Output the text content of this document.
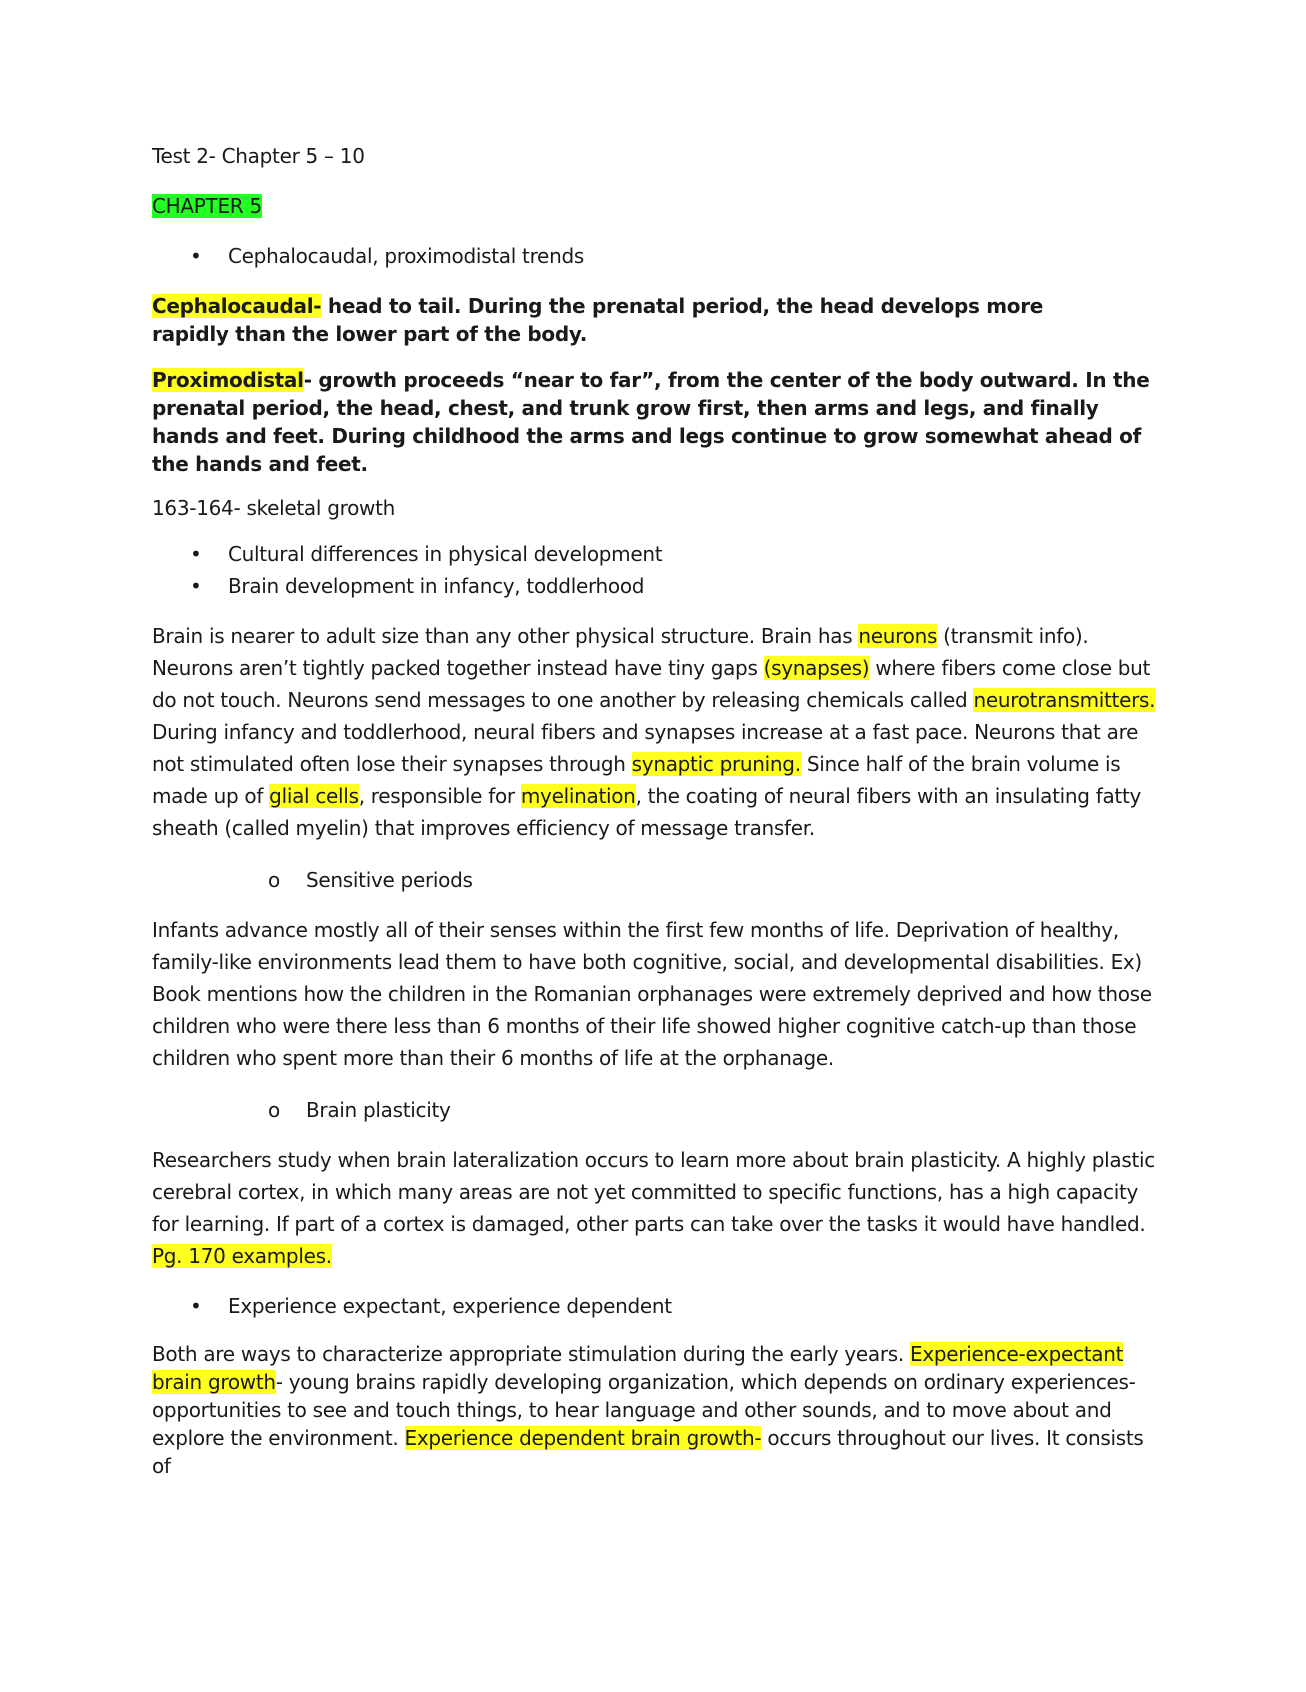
Test 2- Chapter 5 – 10

CHAPTER 5

• Cephalocaudal, proximodistal trends

Cephalocaudal- head to tail. During the prenatal period, the head develops more rapidly than the lower part of the body.

Proximodistal- growth proceeds “near to far”, from the center of the body outward. In the prenatal period, the head, chest, and trunk grow first, then arms and legs, and finally hands and feet. During childhood the arms and legs continue to grow somewhat ahead of the hands and feet.

163-164- skeletal growth

• Cultural differences in physical development
• Brain development in infancy, toddlerhood

Brain is nearer to adult size than any other physical structure. Brain has neurons (transmit info). Neurons aren’t tightly packed together instead have tiny gaps (synapses) where fibers come close but do not touch. Neurons send messages to one another by releasing chemicals called neurotransmitters. During infancy and toddlerhood, neural fibers and synapses increase at a fast pace. Neurons that are not stimulated often lose their synapses through synaptic pruning. Since half of the brain volume is made up of glial cells, responsible for myelination, the coating of neural fibers with an insulating fatty sheath (called myelin) that improves efficiency of message transfer.

o Sensitive periods

Infants advance mostly all of their senses within the first few months of life. Deprivation of healthy, family-like environments lead them to have both cognitive, social, and developmental disabilities. Ex) Book mentions how the children in the Romanian orphanages were extremely deprived and how those children who were there less than 6 months of their life showed higher cognitive catch-up than those children who spent more than their 6 months of life at the orphanage.

o Brain plasticity

Researchers study when brain lateralization occurs to learn more about brain plasticity. A highly plastic cerebral cortex, in which many areas are not yet committed to specific functions, has a high capacity for learning. If part of a cortex is damaged, other parts can take over the tasks it would have handled. Pg. 170 examples.

• Experience expectant, experience dependent

Both are ways to characterize appropriate stimulation during the early years. Experience-expectant brain growth- young brains rapidly developing organization, which depends on ordinary experiences- opportunities to see and touch things, to hear language and other sounds, and to move about and explore the environment. Experience dependent brain growth- occurs throughout our lives. It consists of
